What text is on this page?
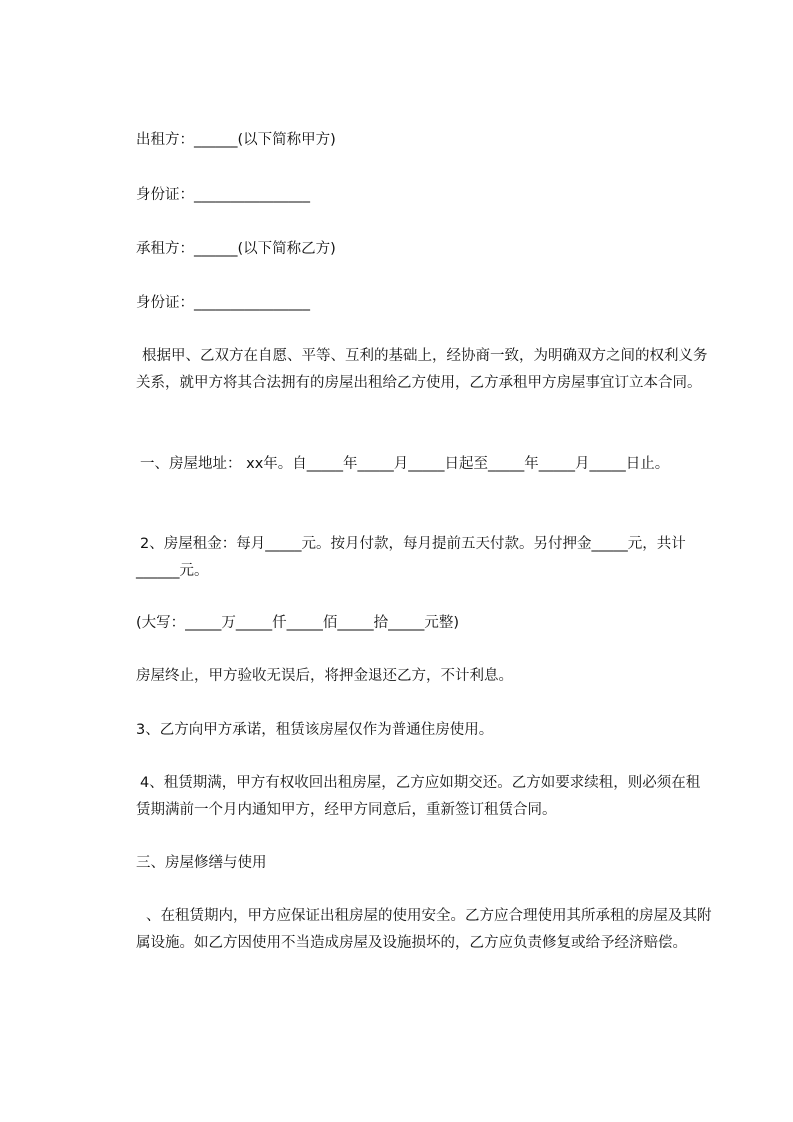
出租方：______(以下简称甲方)

身份证：________________

承租方：______(以下简称乙方)

身份证：________________

根据甲、乙双方在自愿、平等、互利的基础上，经协商一致，为明确双方之间的权利义务关系，就甲方将其合法拥有的房屋出租给乙方使用，乙方承租甲方房屋事宜订立本合同。

一、房屋地址： xx年。自_____年_____月_____日起至_____年_____月_____日止。

2、房屋租金：每月_____元。按月付款，每月提前五天付款。另付押金_____元，共计______元。

(大写：_____万_____仟_____佰_____拾_____元整)

房屋终止，甲方验收无误后，将押金退还乙方，不计利息。

3、乙方向甲方承诺，租赁该房屋仅作为普通住房使用。

4、租赁期满，甲方有权收回出租房屋，乙方应如期交还。乙方如要求续租，则必须在租赁期满前一个月内通知甲方，经甲方同意后，重新签订租赁合同。

三、房屋修缮与使用

、在租赁期内，甲方应保证出租房屋的使用安全。乙方应合理使用其所承租的房屋及其附属设施。如乙方因使用不当造成房屋及设施损坏的，乙方应负责修复或给予经济赔偿。
